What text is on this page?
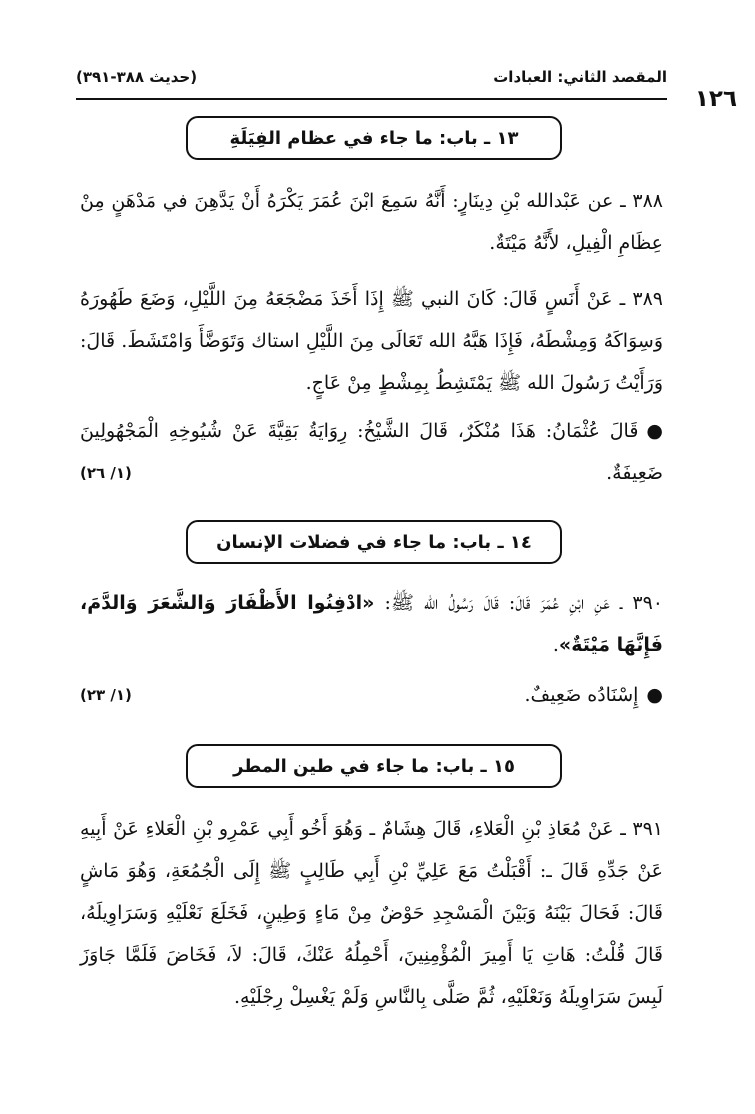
١٢٦
المقصد الثاني: العبادات
(حديث ٣٨٨-٣٩١)
١٣ ـ باب: ما جاء في عظام الفِيَلَةِ
٣٨٨ ـ عن عَبْدالله بْنِ دِينَارٍ: أَنَّهُ سَمِعَ ابْنَ عُمَرَ يَكْرَهُ أَنْ يَدَّهِنَ في مَدْهَنٍ مِنْ عِظَامِ الْفِيلِ، لأَنَّهُ مَيْتَةٌ.
٣٨٩ ـ عَنْ أَنَسٍ قَالَ: كَانَ النبي ﷺ إِذَا أَخَذَ مَضْجَعَهُ مِنَ اللَّيْلِ، وَضَعَ طَهُورَهُ وَسِوَاكَهُ وَمِشْطَهُ، فَإِذَا هَبَّهُ الله تَعَالَى مِنَ اللَّيْلِ استاك وَتَوَضَّأَ وَامْتَشَطَ. قَالَ: وَرَأَيْتُ رَسُولَ الله ﷺ يَمْتَشِطُ بِمِشْطٍ مِنْ عَاجٍ.
●قَالَ عُثْمَانُ: هَذَا مُنْكَرٌ، قَالَ الشَّيْخُ: رِوَايَةُ بَقِيَّةَ عَنْ شُيُوخِهِ الْمَجْهُولِينَ ضَعِيفَةٌ.
(١/ ٢٦)
١٤ ـ باب: ما جاء في فضلات الإنسان
٣٩٠ ـ عَنِ ابْنِ عُمَرَ قَالَ: قَالَ رَسُولُ الله ﷺ: «ادْفِنُوا الأَظْفَارَ وَالشَّعَرَ وَالدَّمَ، فَإِنَّهَا مَيْتَةٌ».
●إِسْنَادُه ضَعِيفٌ.
(١/ ٢٣)
١٥ ـ باب: ما جاء في طين المطر
٣٩١ ـ عَنْ مُعَاذِ بْنِ الْعَلاءِ، قَالَ هِشَامٌ ـ وَهُوَ أَخُو أَبِي عَمْرِو بْنِ الْعَلاءِ عَنْ أَبِيهِ عَنْ جَدِّهِ قَالَ ـ: أَقْبَلْتُ مَعَ عَلِيِّ بْنِ أَبِي طَالِبٍ ﷺ إِلَى الْجُمُعَةِ، وَهُوَ مَاشٍ قَالَ: فَحَالَ بَيْنَهُ وَبَيْنَ الْمَسْجِدِ حَوْضٌ مِنْ مَاءٍ وَطِينٍ، فَخَلَعَ نَعْلَيْهِ وَسَرَاوِيلَهُ، قَالَ قُلْتُ: هَاتِ يَا أَمِيرَ الْمُؤْمِنِينَ، أَحْمِلُهُ عَنْكَ، قَالَ: لاَ، فَخَاضَ فَلَمَّا جَاوَزَ لَبِسَ سَرَاوِيلَهُ وَنَعْلَيْهِ، ثُمَّ صَلَّى بِالنَّاسِ وَلَمْ يَغْسِلْ رِجْلَيْهِ.
